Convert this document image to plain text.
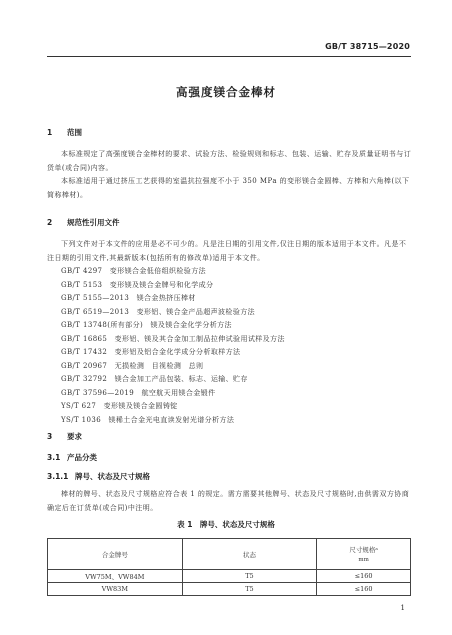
GB/T 38715—2020
高强度镁合金棒材
1 范围
本标准规定了高强度镁合金棒材的要求、试验方法、检验规则和标志、包装、运输、贮存及质量证明书与订货单(或合同)内容。
本标准适用于通过挤压工艺获得的室温抗拉强度不小于 350 MPa 的变形镁合金圆棒、方棒和六角棒(以下简称棒材)。
2 规范性引用文件
下列文件对于本文件的应用是必不可少的。凡是注日期的引用文件,仅注日期的版本适用于本文件。凡是不注日期的引用文件,其最新版本(包括所有的修改单)适用于本文件。
GB/T 4297　变形镁合金低倍组织检验方法
GB/T 5153　变形镁及镁合金牌号和化学成分
GB/T 5155—2013　镁合金热挤压棒材
GB/T 6519—2013　变形铝、镁合金产品超声波检验方法
GB/T 13748(所有部分)　镁及镁合金化学分析方法
GB/T 16865　变形铝、镁及其合金加工制品拉伸试验用试样及方法
GB/T 17432　变形铝及铝合金化学成分分析取样方法
GB/T 20967　无损检测　目视检测　总则
GB/T 32792　镁合金加工产品包装、标志、运输、贮存
GB/T 37596—2019　航空航天用镁合金锻件
YS/T 627　变形镁及镁合金圆铸锭
YS/T 1036　镁稀土合金光电直读发射光谱分析方法
3 要求
3.1 产品分类
3.1.1 牌号、状态及尺寸规格
棒材的牌号、状态及尺寸规格应符合表 1 的规定。需方需要其他牌号、状态及尺寸规格时,由供需双方协商确定后在订货单(或合同)中注明。
表 1　牌号、状态及尺寸规格
合金牌号	状态	尺寸规格ᵃ
mm

VW75M、VW84M	T5	≤160
VW83M	T5	≤160
1
